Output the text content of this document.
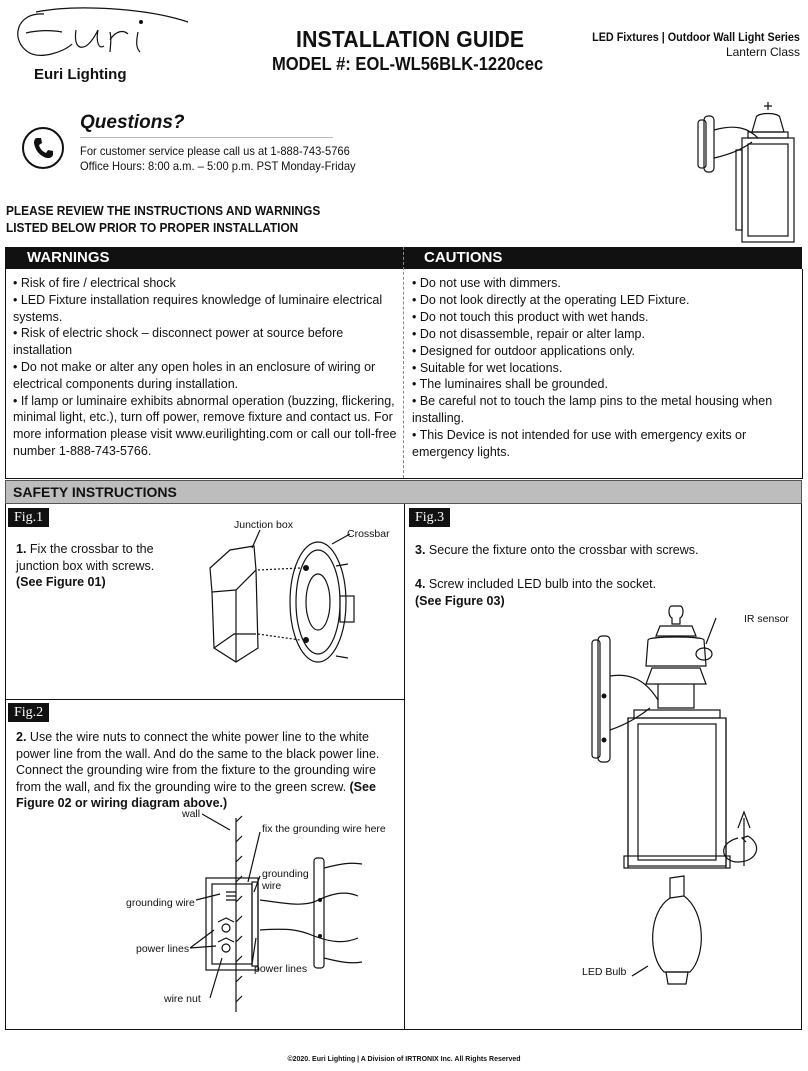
Euri Lighting
INSTALLATION GUIDE
MODEL #: EOL-WL56BLK-1220cec
LED Fixtures | Outdoor Wall Light Series
Lantern Class
Questions?
For customer service please call us at 1-888-743-5766
Office Hours: 8:00 a.m. – 5:00 p.m. PST Monday-Friday
PLEASE REVIEW THE INSTRUCTIONS AND WARNINGS
LISTED BELOW PRIOR TO PROPER INSTALLATION
WARNINGS	CAUTIONS

• Risk of fire / electrical shock

• LED Fixture installation requires knowledge of luminaire electrical systems.

• Risk of electric shock – disconnect power at source before installation

• Do not make or alter any open holes in an enclosure of wiring or electrical components during installation.

• If lamp or luminaire exhibits abnormal operation (buzzing, flickering, minimal light, etc.), turn off power, remove fixture and contact us. For more information please visit www.eurilighting.com or call our toll-free number 1-888-743-5766.

• Do not use with dimmers.

• Do not look directly at the operating LED Fixture.

• Do not touch this product with wet hands.

• Do not disassemble, repair or alter lamp.

• Designed for outdoor applications only.

• Suitable for wet locations.

• The luminaires shall be grounded.

• Be careful not to touch the lamp pins to the metal housing when installing.

• This Device is not intended for use with emergency exits or emergency lights.

SAFETY INSTRUCTIONS
Fig.1
1. Fix the crossbar to the junction box with screws.
(See Figure 01)
Junction box
Crossbar
Fig.2
2. Use the wire nuts to connect the white power line to the white power line from the wall. And do the same to the black power line. Connect the grounding wire from the fixture to the grounding wire from the wall, and fix the grounding wire to the green screw. (See Figure 02 or wiring diagram above.)
wall
fix the grounding wire here
grounding
wire
grounding wire
power lines
power lines
wire nut
Fig.3
3. Secure the fixture onto the crossbar with screws.
4. Screw included LED bulb into the socket.
(See Figure 03)
IR sensor
LED Bulb
©2020. Euri Lighting | A Division of IRTRONIX Inc. All Rights Reserved
